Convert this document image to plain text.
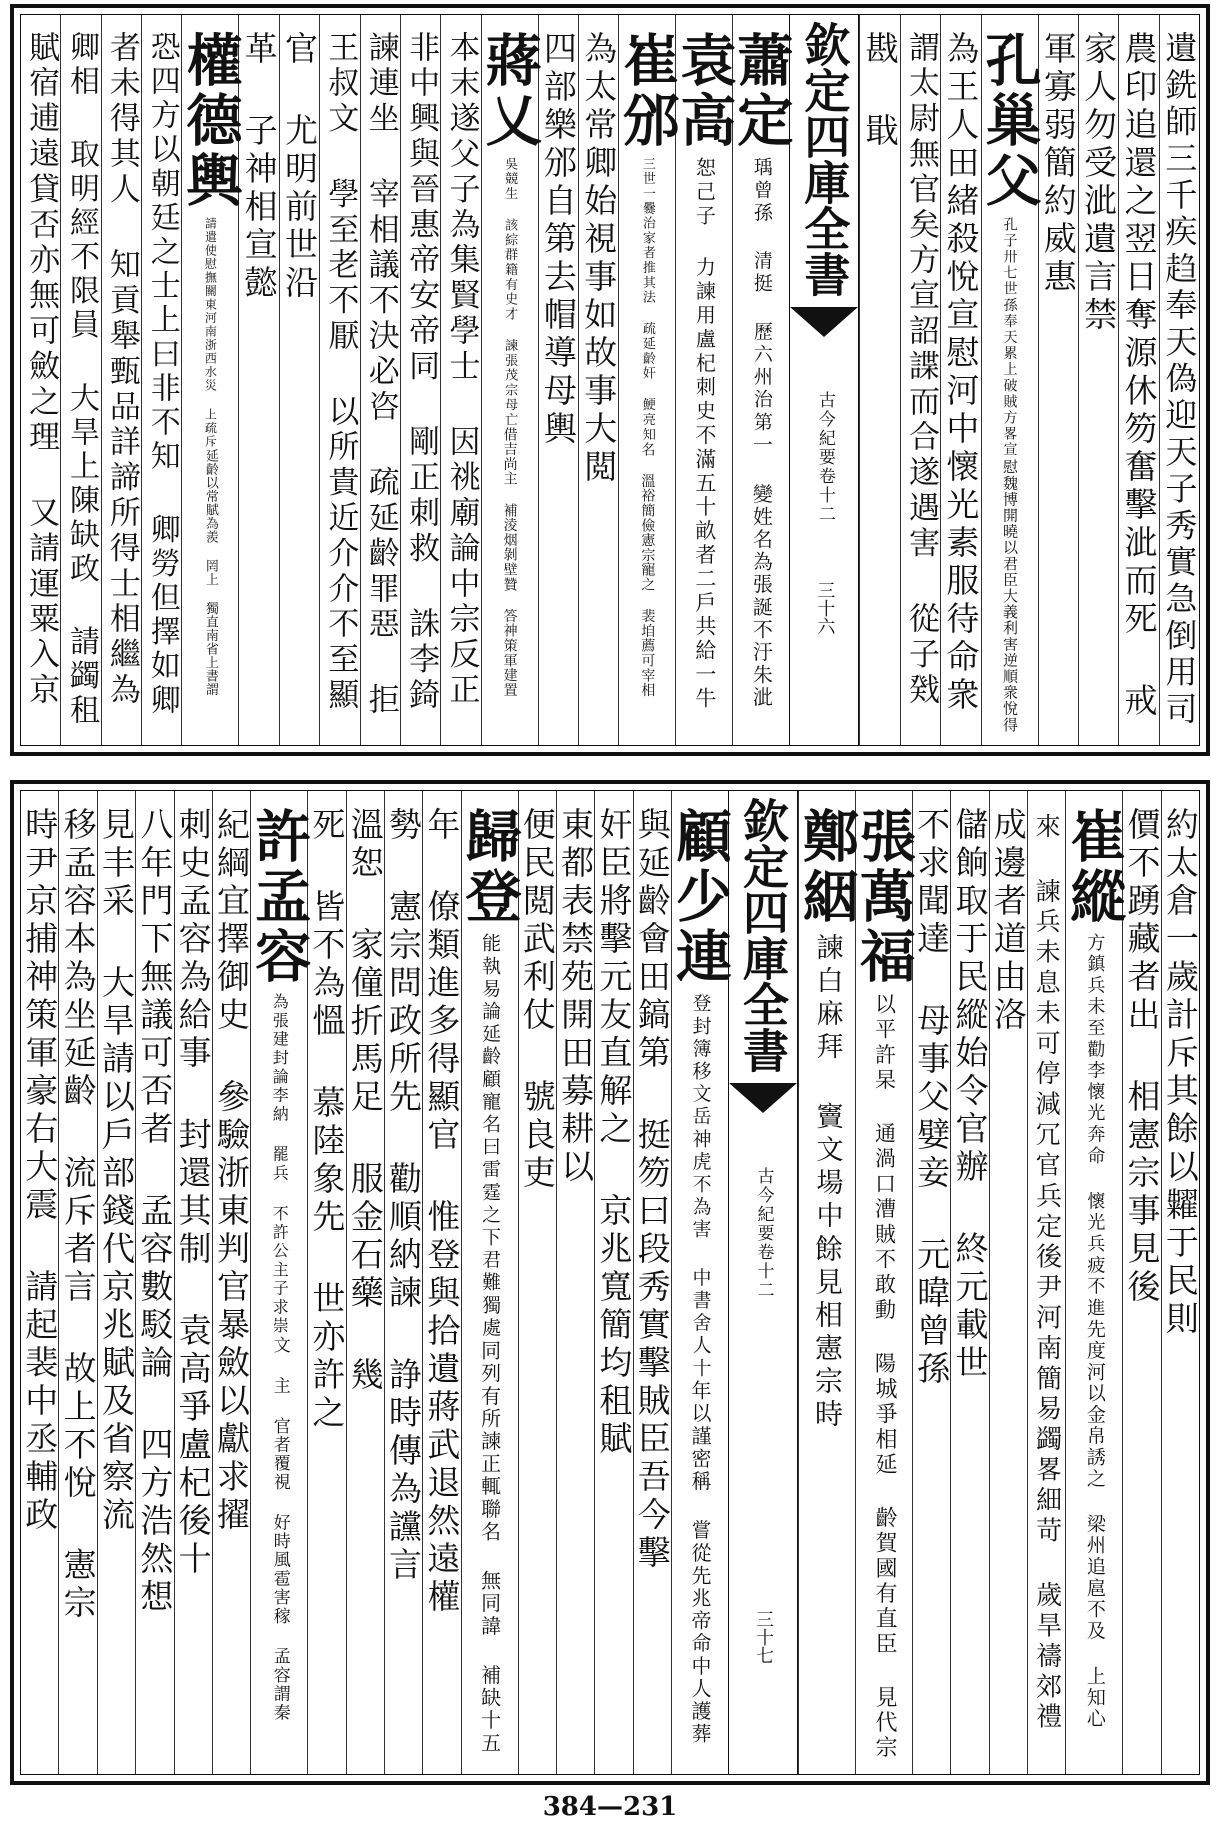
遺銑師三千疾趋奉天偽迎天子秀實急倒用司
農印追還之翌日奪源休笏奮擊泚而死 戒
家人勿受泚遺言禁
軍寡弱簡約威惠
孔巢父
孔子卅七世孫奉天累上破賊方畧宣
慰魏博開曉以君臣大義利害逆順衆悅得
為王人田緒殺悅宣慰河中懷光素服待命衆
謂太尉無官矣方宣詔諜而合遂遇害 從子戣
戡 戢
欽定四庫全書
古今紀要
卷十二
三十六
蕭定
瑀曾孫 清挺 歷六州治第
一 變姓名為張誕不汙朱泚
袁高
恕己子 力諫用盧杞刺史
不滿五十畝者二戶共給一牛
崔邠
三世一爨治家者推其法 疏延齡奸 鯁亮知
名 溫裕簡儉憲宗寵之 裴垍薦可宰相
為太常卿始視事如故事大閲
四部樂邠自第去帽導母輿
蔣乂
吳競生 該綜群籍有史才 諫張茂宗母亡
借吉尚主 補淩烟剝壁贊 答神策軍建置
本末遂父子為集賢學士 因祧廟論中宗反正
非中興與晉惠帝安帝同 剛正刺救 誅李錡
諫連坐 宰相議不決必咨 疏延齡罪惡 拒
王叔文 學至老不厭 以所貴近介介不至顯
官 尤明前世沿
革 子神相宣懿
權德輿
請遣使慰撫關東河南浙西水災 上疏斥
延齡以常賦為羨 罔上 獨直南省上書謂
恐四方以朝廷之士上曰非不知 卿勞但擇如卿
者未得其人 知貢舉甄品詳諦所得士相繼為
卿相 取明經不限員 大旱上陳缺政 請蠲租
賦宿逋遠貸否亦無可斂之理 又請運粟入京
約太倉一歲計斥其餘以糶于民則
價不踴藏者出 相憲宗事見後
崔縱
方鎮兵未至勸李懷光奔命 懷光兵疲不進
先度河以金帛誘之 梁州追扈不及 上知心
來 諫兵未息未可停減冗官
兵定後尹河南簡易蠲畧細苛 歲旱禱郊禮
成邊者道由洛
儲餉取于民縱始令官辦 終元載世
不求聞達 母事父嬖妾 元暐曾孫
張萬福
以平許杲 通渦口漕賊不敢動 陽
城爭相延 齡賀國有直臣 見代宗
鄭絪
諫白麻拜 竇文場中
餘見相憲宗時
欽定四庫全書
古今紀要
卷十二
三十七
顧少連
登封簿移文岳神虎不為害 中書舍人十
年以謹密稱 嘗從先兆帝命中人護葬
與延齡會田鎬第 挺笏曰段秀實擊賊臣吾今擊
奸臣將擊元友直解之 京兆寬簡均租賦
東都表禁苑開田募耕以
便民閲武利仗 號良吏
歸登
能執易論延齡顧寵名曰雷霆之下君難獨處
同列有所諫正輒聯名 無同諱 補缺十五
年 僚類進多得顯官 惟登與拾遺蔣武退然遠權
勢 憲宗問政所先 勸順納諫 諍時傳為讜言
溫恕 家僮折馬足 服金石藥 幾
死 皆不為慍 慕陸象先 世亦許之
許孟容
為張建封論李納 罷兵 不許公主子求崇
文 主 官者覆視 好時風雹害稼 孟容謂秦
紀綱宜擇御史 參驗浙東判官暴斂以獻求擢
刺史孟容為給事 封還其制 袁高爭盧杞後十
八年門下無議可否者 孟容數駁論 四方浩然想
見丰采 大旱請以戶部錢代京兆賦及省察流
移孟容本為坐延齡 流斥者言 故上不悅 憲宗
時尹京捕神策軍豪右大震 請起裴中丞輔政
384—231
